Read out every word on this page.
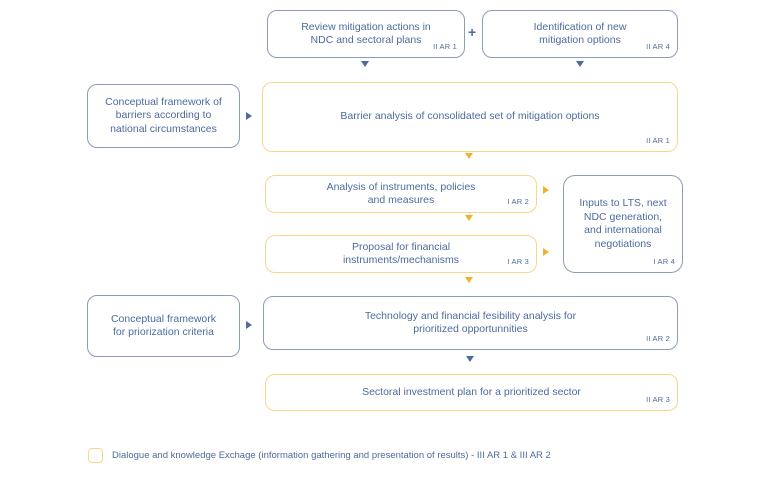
Review mitigation actions in
NDC and sectoral plans II AR 1
+	Identification of new
mitigation options	II AR 4
Conceptual framework of
barriers according to
national circumstances
Barrier analysis of consolidated set of mitigation options
II AR 1
Analysis of instruments, policies
and measures	I AR 2	Inputs to LTS, next
NDC generation,
and international
negotiations
I AR 4
Proposal for financial
instruments/mechanisms	I AR 3
Conceptual framework
for priorization criteria
Technology and financial fesibility analysis for
prioritized opportunnities
II AR 2
Sectoral investment plan for a prioritized sector
II AR 3
Dialogue and knowledge Exchage (information gathering and presentation of results) - III AR 1 & III AR 2
